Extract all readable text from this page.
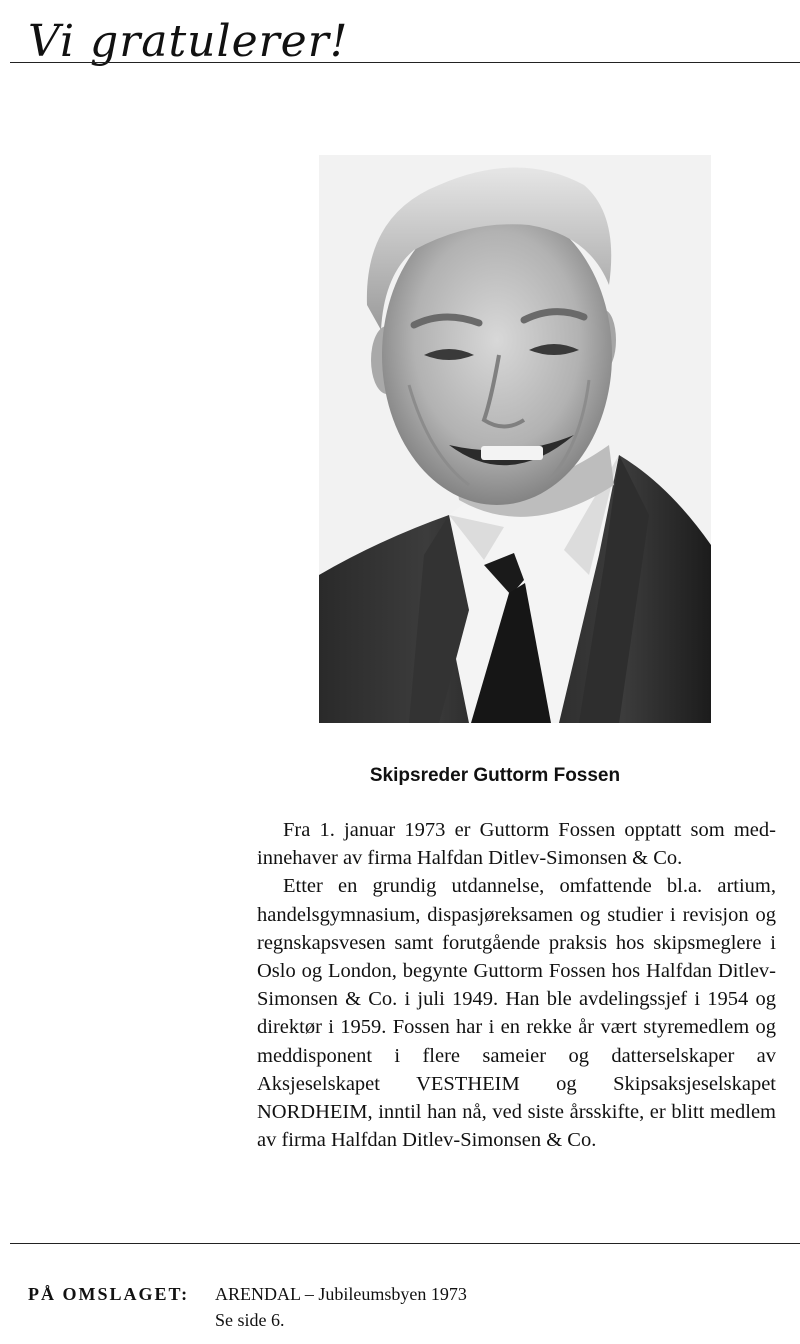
Vi gratulerer!
Skipsreder Guttorm Fossen

Fra 1. januar 1973 er Guttorm Fossen opptatt som medinnehaver av firma Halfdan Ditlev-Simonsen & Co.

Etter en grundig utdannelse, omfattende bl.a. artium, handelsgymnasium, dispasjøreksamen og studier i revisjon og regnskapsvesen samt forutgående praksis hos skipsmeglere i Oslo og London, begynte Guttorm Fossen hos Halfdan Ditlev-Simonsen & Co. i juli 1949. Han ble avdelingssjef i 1954 og direktør i 1959. Fossen har i en rekke år vært styremedlem og meddisponent i flere sameier og datterselskaper av Aksjeselskapet VESTHEIM og Skipsaksjeselskapet NORDHEIM, inntil han nå, ved siste årsskifte, er blitt medlem av firma Halfdan Ditlev-Simonsen & Co.

PÅ OMSLAGET: ARENDAL – Jubileumsbyen 1973
Se side 6.
